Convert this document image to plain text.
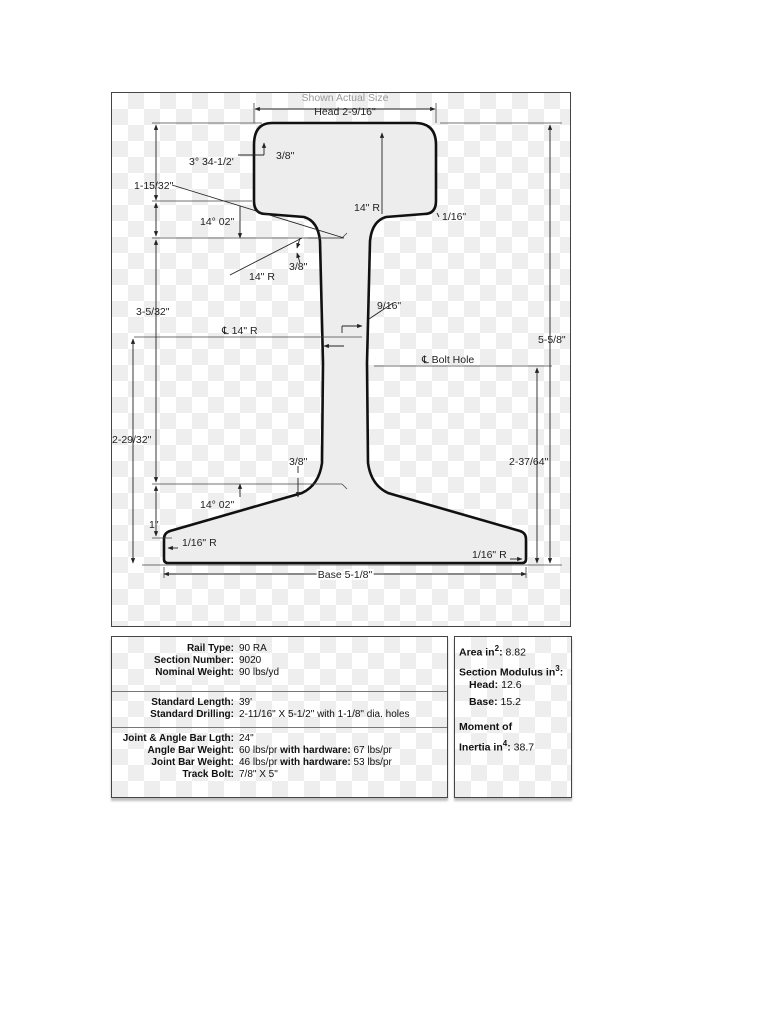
Shown Actual Size
Head 2-9/16"
3° 34-1/2'	3/8"
1-15/32"
14° 02"
14" R
1/16"
14" R
3/8"
9/16"
3-5/32"
℄ 14" R
℄ Bolt Hole
5-5/8"
2-29/32"
2-37/64"
3/8"
14° 02"
1"
1/16" R
1/16" R
Base 5-1/8"
Rail Type: 90 RA
Section Number: 9020
Nominal Weight: 90 lbs/yd
Standard Length: 39'
Standard Drilling: 2-11/16" X 5-1/2" with 1-1/8" dia. holes
Joint & Angle Bar Lgth: 24"
Angle Bar Weight: 60 lbs/pr with hardware: 67 lbs/pr
Joint Bar Weight: 46 lbs/pr with hardware: 53 lbs/pr
Track Bolt: 7/8" X 5"
Area $in^2$: 8.82
Section Modulus $in^3$:
Head: 12.6
Base: 15.2
Moment of
Inertia $in^4$: 38.7
